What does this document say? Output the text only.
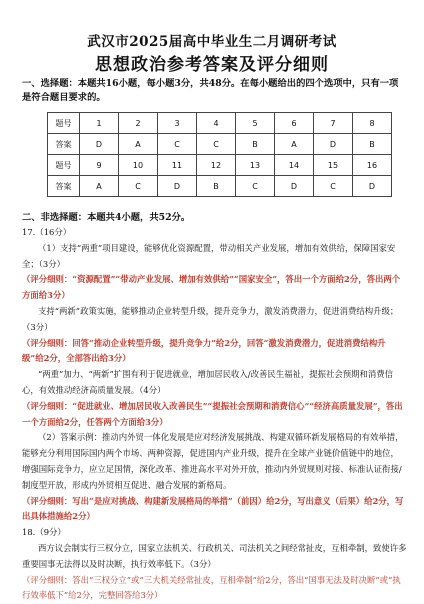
武汉市2025届高中毕业生二月调研考试
思想政治参考答案及评分细则
一、选择题：本题共16小题，每小题3分，共48分。在每小题给出的四个选项中，只有一项是符合题目要求的。
题号	1	2	3	4	5	6	7	8
答案	D	A	C	C	B	A	D	B
题号	9	10	11	12	13	14	15	16
答案	A	C	D	B	C	D	C	D
二、非选择题：本题共4小题，共52分。

17.（16分）

（1）支持“两重”项目建设，能够优化资源配置，带动相关产业发展，增加有效供给，保障国家安全；（3分）

（评分细则：“资源配置”“带动产业发展、增加有效供给”“国家安全”，答出一个方面给2分，答出两个方面给3分）

支持“两新”政策实施，能够推动企业转型升级，提升竞争力，激发消费潜力，促进消费结构升级；（3分）

（评分细则：回答“推动企业转型升级，提升竞争力”给2分，回答“激发消费潜力，促进消费结构升级”给2分，全部答出给3分）

“两重”加力、“两新”扩围有利于促进就业，增加居民收入/改善民生福祉，提振社会预期和消费信心，有效推动经济高质量发展。（4分）

（评分细则：“促进就业、增加居民收入改善民生”“提振社会预期和消费信心”“经济高质量发展”，答出一个方面给2分，任答两个方面给3分）

（2）答案示例：推动内外贸一体化发展是应对经济发展挑战、构建双循环新发展格局的有效举措，能够充分利用国际国内两个市场、两种资源，促进国内产业升级，提升在全球产业链价值链中的地位，增强国际竞争力，应立足国情，深化改革、推进高水平对外开放，推动内外贸规则对接、标准认证衔接/制度型开放，形成内外贸相互促进、融合发展的新格局。

（评分细则：写出“是应对挑战、构建新发展格局的举措”（前因）给2分，写出意义（后果）给2分，写出具体措施给2分）

18.（9分）

西方议会制实行三权分立，国家立法机关、行政机关、司法机关之间经常扯皮，互相牵制，致使许多重要国事无法得以及时决断，执行效率低下。（3分）

（评分细则：答出“三权分立”或“三大机关经常扯皮，互相牵制”给2分，答出“国事无法及时决断”或“执行效率低下”给2分，完整回答给3分）
